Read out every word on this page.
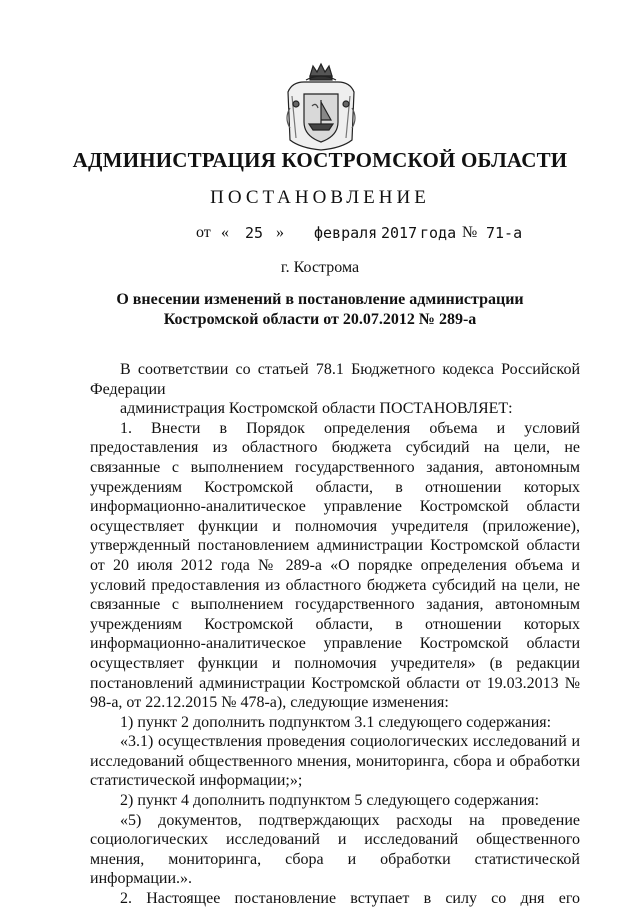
АДМИНИСТРАЦИЯ КОСТРОМСКОЙ ОБЛАСТИ
ПОСТАНОВЛЕНИЕ
от « 25 » февраля 2017 года № 71-а
г. Кострома
О внесении изменений в постановление администрации
Костромской области от 20.07.2012 № 289-а

В соответствии со статьей 78.1 Бюджетного кодекса Российской Федерации

администрация Костромской области ПОСТАНОВЛЯЕТ:

1. Внести в Порядок определения объема и условий предоставления из областного бюджета субсидий на цели, не связанные с выполнением государственного задания, автономным учреждениям Костромской области, в отношении которых информационно-аналитическое управление Костромской области осуществляет функции и полномочия учредителя (приложение), утвержденный постановлением администрации Костромской области от 20 июля 2012 года № 289-а «О порядке определения объема и условий предоставления из областного бюджета субсидий на цели, не связанные с выполнением государственного задания, автономным учреждениям Костромской области, в отношении которых информационно-аналитическое управление Костромской области осуществляет функции и полномочия учредителя» (в редакции постановлений администрации Костромской области от 19.03.2013 № 98-а, от 22.12.2015 № 478-а), следующие изменения:

1) пункт 2 дополнить подпунктом 3.1 следующего содержания:

«3.1) осуществления проведения социологических исследований и исследований общественного мнения, мониторинга, сбора и обработки статистической информации;»;

2) пункт 4 дополнить подпунктом 5 следующего содержания:

«5) документов, подтверждающих расходы на проведение социологических исследований и исследований общественного мнения, мониторинга, сбора и обработки статистической информации.».

2. Настоящее постановление вступает в силу со дня его
